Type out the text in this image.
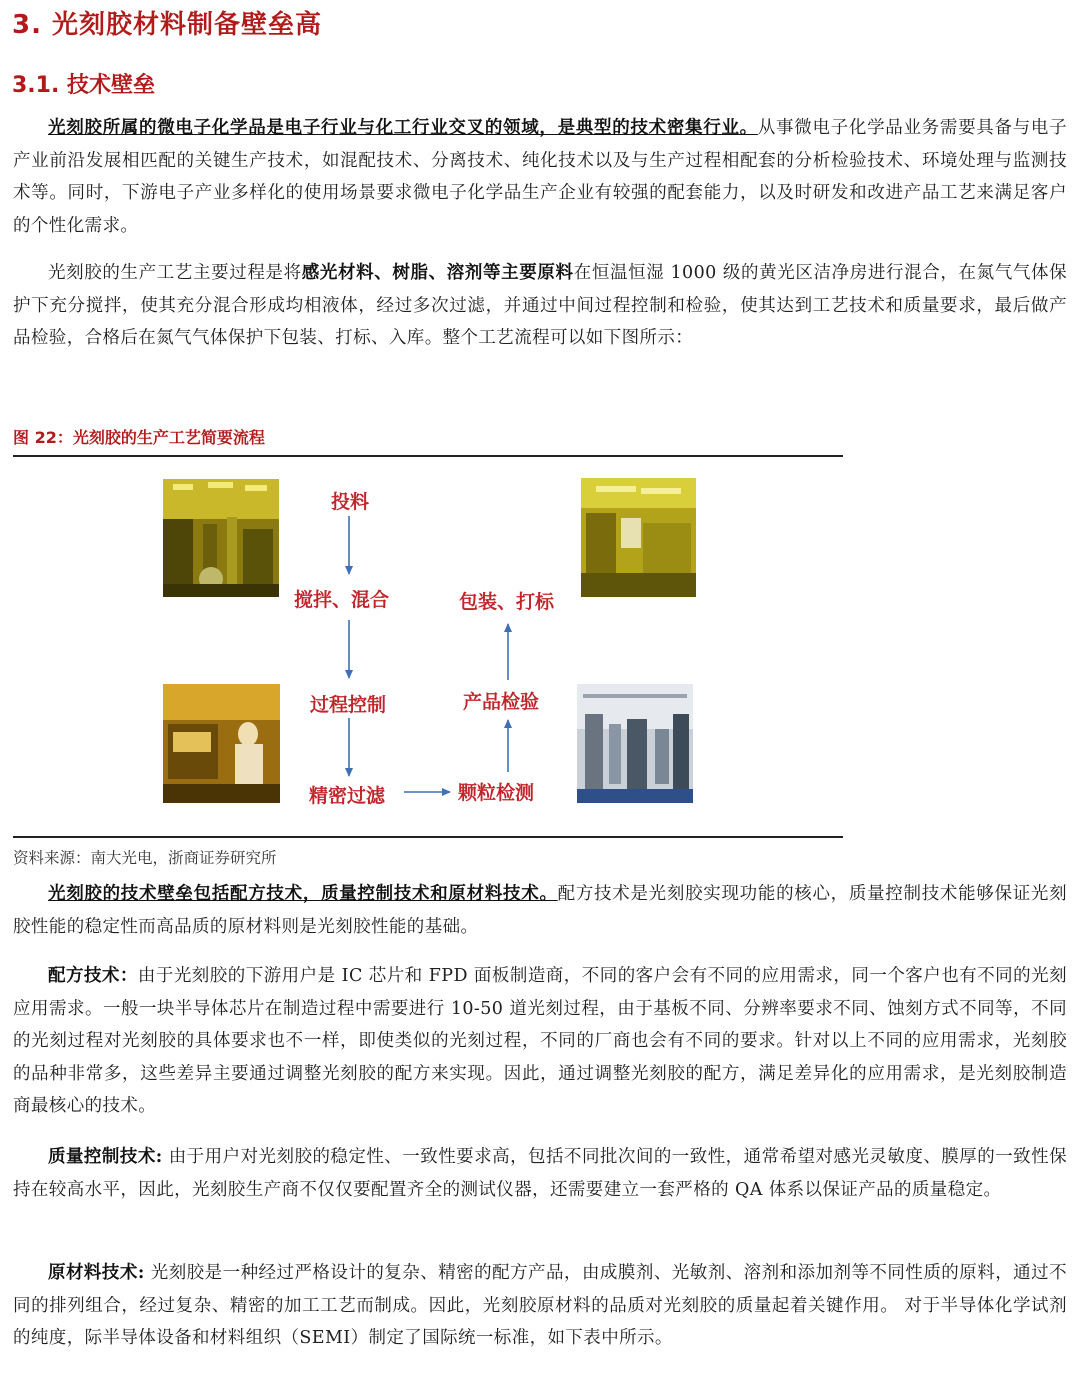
3. 光刻胶材料制备壁垒高
3.1. 技术壁垒

光刻胶所属的微电子化学品是电子行业与化工行业交叉的领域，是典型的技术密集行业。从事微电子化学品业务需要具备与电子产业前沿发展相匹配的关键生产技术，如混配技术、分离技术、纯化技术以及与生产过程相配套的分析检验技术、环境处理与监测技术等。同时，下游电子产业多样化的使用场景要求微电子化学品生产企业有较强的配套能力，以及时研发和改进产品工艺来满足客户的个性化需求。

光刻胶的生产工艺主要过程是将感光材料、树脂、溶剂等主要原料在恒温恒湿 1000 级的黄光区洁净房进行混合，在氮气气体保护下充分搅拌，使其充分混合形成均相液体，经过多次过滤，并通过中间过程控制和检验，使其达到工艺技术和质量要求，最后做产品检验，合格后在氮气气体保护下包装、打标、入库。整个工艺流程可以如下图所示：

图 22：光刻胶的生产工艺简要流程
投料
搅拌、混合
过程控制
精密过滤	颗粒检测
产品检验
包装、打标
资料来源：南大光电，浙商证券研究所

光刻胶的技术壁垒包括配方技术，质量控制技术和原材料技术。配方技术是光刻胶实现功能的核心，质量控制技术能够保证光刻胶性能的稳定性而高品质的原材料则是光刻胶性能的基础。

配方技术：由于光刻胶的下游用户是 IC 芯片和 FPD 面板制造商，不同的客户会有不同的应用需求，同一个客户也有不同的光刻应用需求。一般一块半导体芯片在制造过程中需要进行 10-50 道光刻过程，由于基板不同、分辨率要求不同、蚀刻方式不同等，不同的光刻过程对光刻胶的具体要求也不一样，即使类似的光刻过程，不同的厂商也会有不同的要求。针对以上不同的应用需求，光刻胶的品种非常多，这些差异主要通过调整光刻胶的配方来实现。因此，通过调整光刻胶的配方，满足差异化的应用需求，是光刻胶制造商最核心的技术。

质量控制技术: 由于用户对光刻胶的稳定性、一致性要求高，包括不同批次间的一致性，通常希望对感光灵敏度、膜厚的一致性保持在较高水平，因此，光刻胶生产商不仅仅要配置齐全的测试仪器，还需要建立一套严格的 QA 体系以保证产品的质量稳定。

原材料技术: 光刻胶是一种经过严格设计的复杂、精密的配方产品，由成膜剂、光敏剂、溶剂和添加剂等不同性质的原料，通过不同的排列组合，经过复杂、精密的加工工艺而制成。因此，光刻胶原材料的品质对光刻胶的质量起着关键作用。 对于半导体化学试剂的纯度，际半导体设备和材料组织（SEMI）制定了国际统一标准，如下表中所示。
